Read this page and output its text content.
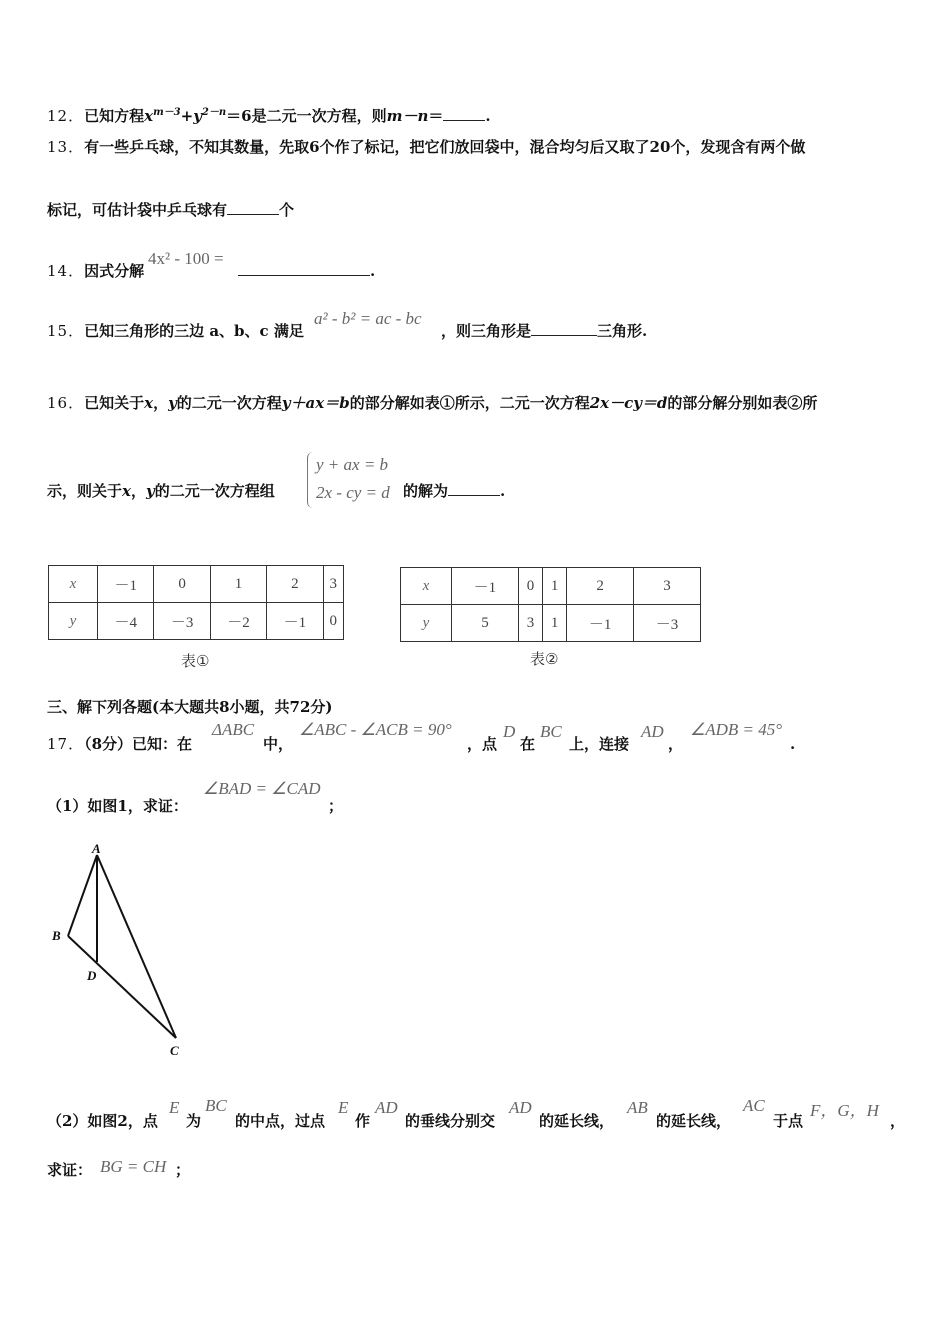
12．已知方程$x^{m-3}+y^{2-n}=6$是二元一次方程，则m－n＝	.
13．有一些乒乓球，不知其数量，先取6个作了标记，把它们放回袋中，混合均匀后又取了20个，发现含有两个做
标记，可估计袋中乒乓球有	个
14．因式分解
4x² - 100 =
.
15．已知三角形的三边 a、b、c 满足
a² - b² = ac - bc
，则三角形是	三角形.
16．已知关于x，y的二元一次方程y＋ax＝b的部分解如表①所示，二元一次方程2x－cy＝d的部分解分别如表②所
示，则关于x，y的二元一次方程组
y + ax = b
2x - cy = d 的解为	.
x	－1	0	1	2	3
y	－4	－3	－2	－1	0
表①
x	－1	0	1	2	3
y	5	3	1	－1	－3
表②
三、解下列各题(本大题共8小题，共72分)
17．（8分）已知：在
ΔABC
中，
∠ABC - ∠ACB = 90°
，点
D
在
BC
上，连接
AD
，
∠ADB = 45°
.
（1）如图1，求证：
∠BAD = ∠CAD
；
A
B
D
C
（2）如图2，点
E
为
BC
的中点，过点
E
作
AD
的垂线分别交
AD
的延长线，
AB
的延长线，
AC
于点
F，G，H
，
求证： BG = CH ；
